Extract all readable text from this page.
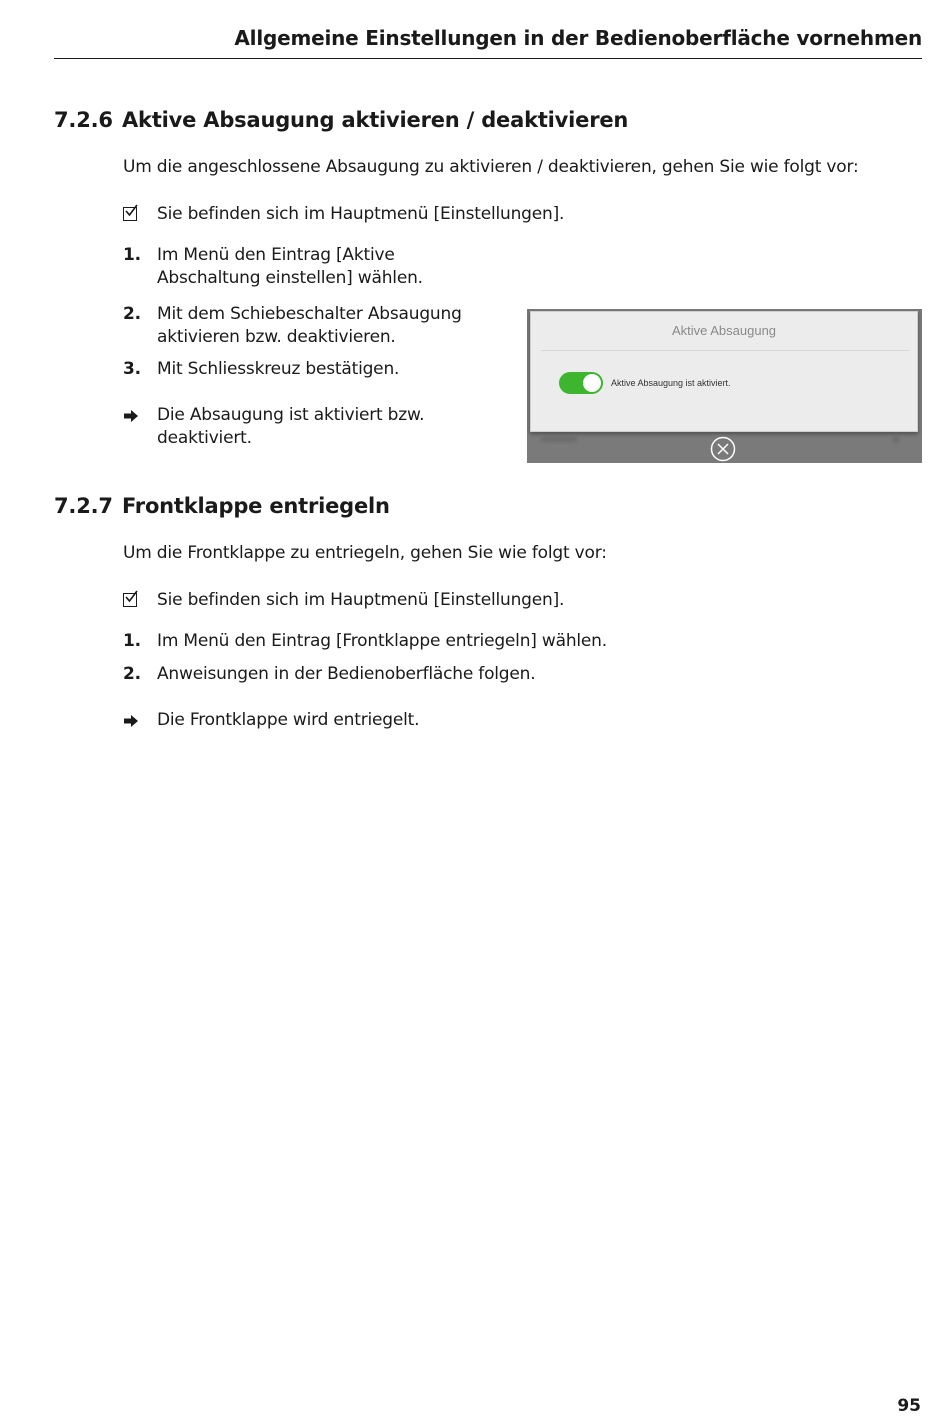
Allgemeine Einstellungen in der Bedienoberfläche vornehmen
7.2.6 Aktive Absaugung aktivieren / deaktivieren
Um die angeschlossene Absaugung zu aktivieren / deaktivieren, gehen Sie wie folgt vor:
Sie befinden sich im Hauptmenü [Einstellungen].
1. Im Menü den Eintrag [Aktive
Abschaltung einstellen] wählen.
2. Mit dem Schiebeschalter Absaugung
aktivieren bzw. deaktivieren.
3. Mit Schliesskreuz bestätigen.
Die Absaugung ist aktiviert bzw.
deaktiviert.
Aktive Absaugung
Aktive Absaugung ist aktiviert.
7.2.7 Frontklappe entriegeln
Um die Frontklappe zu entriegeln, gehen Sie wie folgt vor:
Sie befinden sich im Hauptmenü [Einstellungen].
1. Im Menü den Eintrag [Frontklappe entriegeln] wählen.
2. Anweisungen in der Bedienoberfläche folgen.
Die Frontklappe wird entriegelt.
95
